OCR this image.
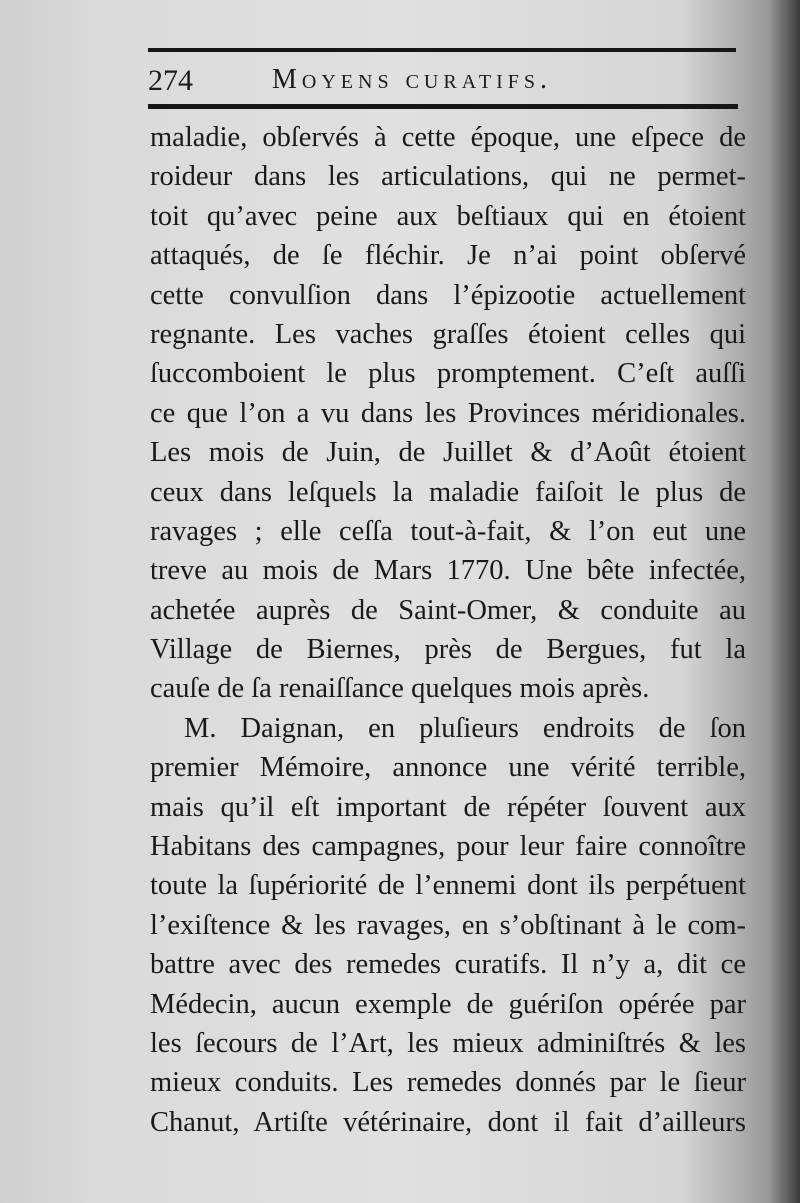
274	Moyens curatifs.
maladie, obſervés à cette époque, une eſpece de
roideur dans les articulations, qui ne permet-
toit qu’avec peine aux beſtiaux qui en étoient
attaqués, de ſe fléchir. Je n’ai point obſervé
cette convulſion dans l’épizootie actuellement
regnante. Les vaches graſſes étoient celles qui
ſuccomboient le plus promptement. C’eſt auſſi
ce que l’on a vu dans les Provinces méridionales.
Les mois de Juin, de Juillet & d’Août étoient
ceux dans leſquels la maladie faiſoit le plus de
ravages ; elle ceſſa tout-à-fait, & l’on eut une
treve au mois de Mars 1770. Une bête infectée,
achetée auprès de Saint-Omer, & conduite au
Village de Biernes, près de Bergues, fut la
cauſe de ſa renaiſſance quelques mois après.
M. Daignan, en pluſieurs endroits de ſon
premier Mémoire, annonce une vérité terrible,
mais qu’il eſt important de répéter ſouvent aux
Habitans des campagnes, pour leur faire connoître
toute la ſupériorité de l’ennemi dont ils perpétuent
l’exiſtence & les ravages, en s’obſtinant à le com-
battre avec des remedes curatifs. Il n’y a, dit ce
Médecin, aucun exemple de guériſon opérée par
les ſecours de l’Art, les mieux adminiſtrés & les
mieux conduits. Les remedes donnés par le ſieur
Chanut, Artiſte vétérinaire, dont il fait d’ailleurs
